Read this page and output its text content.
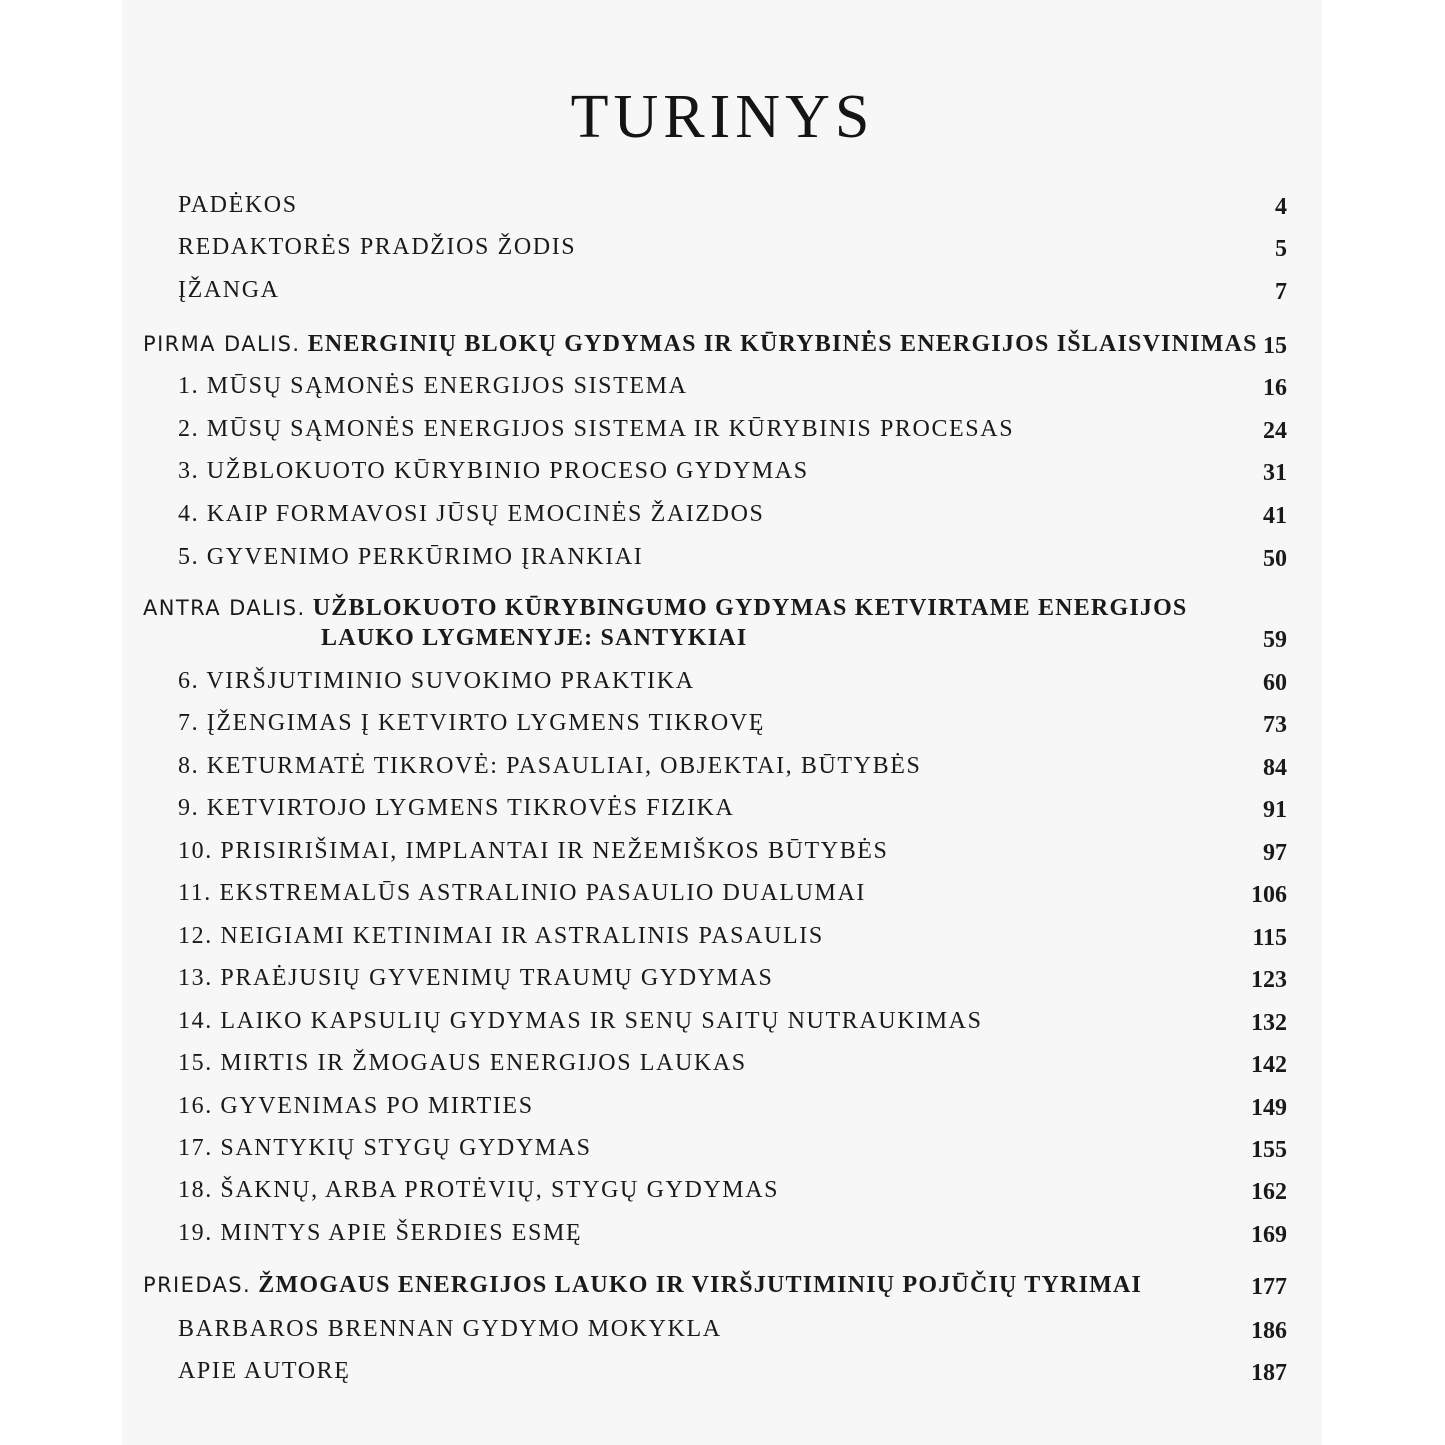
TURINYS
PADĖKOS	4
REDAKTORĖS PRADŽIOS ŽODIS	5
ĮŽANGA	7
PIRMA DALIS. ENERGINIŲ BLOKŲ GYDYMAS IR KŪRYBINĖS ENERGIJOS IŠLAISVINIMAS 15
1. MŪSŲ SĄMONĖS ENERGIJOS SISTEMA	16
2. MŪSŲ SĄMONĖS ENERGIJOS SISTEMA IR KŪRYBINIS PROCESAS	24
3. UŽBLOKUOTO KŪRYBINIO PROCESO GYDYMAS	31
4. KAIP FORMAVOSI JŪSŲ EMOCINĖS ŽAIZDOS	41
5. GYVENIMO PERKŪRIMO ĮRANKIAI	50
ANTRA DALIS. UŽBLOKUOTO KŪRYBINGUMO GYDYMAS KETVIRTAME ENERGIJOS
LAUKO LYGMENYJE: SANTYKIAI	59
6. VIRŠJUTIMINIO SUVOKIMO PRAKTIKA	60
7. ĮŽENGIMAS Į KETVIRTO LYGMENS TIKROVĘ	73
8. KETURMATĖ TIKROVĖ: PASAULIAI, OBJEKTAI, BŪTYBĖS	84
9. KETVIRTOJO LYGMENS TIKROVĖS FIZIKA	91
10. PRISIRIŠIMAI, IMPLANTAI IR NEŽEMIŠKOS BŪTYBĖS	97
11. EKSTREMALŪS ASTRALINIO PASAULIO DUALUMAI	106
12. NEIGIAMI KETINIMAI IR ASTRALINIS PASAULIS	115
13. PRAĖJUSIŲ GYVENIMŲ TRAUMŲ GYDYMAS	123
14. LAIKO KAPSULIŲ GYDYMAS IR SENŲ SAITŲ NUTRAUKIMAS	132
15. MIRTIS IR ŽMOGAUS ENERGIJOS LAUKAS	142
16. GYVENIMAS PO MIRTIES	149
17. SANTYKIŲ STYGŲ GYDYMAS	155
18. ŠAKNŲ, ARBA PROTĖVIŲ, STYGŲ GYDYMAS	162
19. MINTYS APIE ŠERDIES ESMĘ	169
PRIEDAS. ŽMOGAUS ENERGIJOS LAUKO IR VIRŠJUTIMINIŲ POJŪČIŲ TYRIMAI	177
BARBAROS BRENNAN GYDYMO MOKYKLA	186
APIE AUTORĘ	187
